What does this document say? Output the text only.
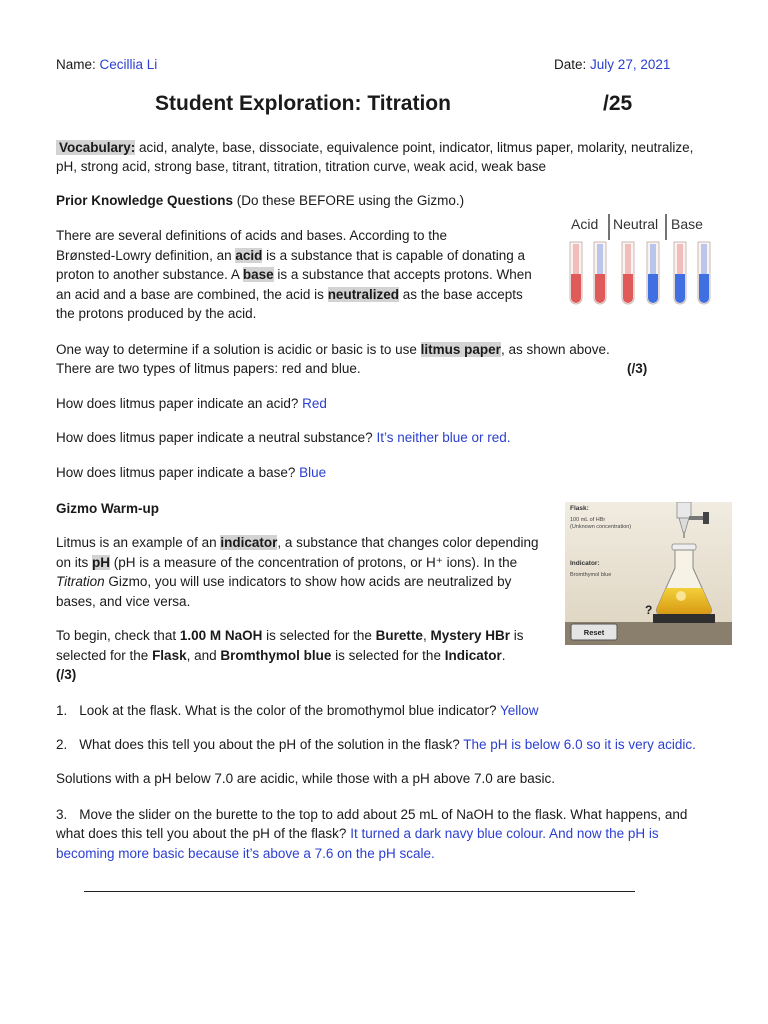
Name: Cecillia Li	Date: July 27, 2021
Student Exploration: Titration	/25
Vocabulary: acid, analyte, base, dissociate, equivalence point, indicator, litmus paper, molarity, neutralize,
pH, strong acid, strong base, titrant, titration, titration curve, weak acid, weak base
Prior Knowledge Questions (Do these BEFORE using the Gizmo.)
There are several definitions of acids and bases. According to the
Brønsted-Lowry definition, an acid is a substance that is capable of donating a
proton to another substance. A base is a substance that accepts protons. When
an acid and a base are combined, the acid is neutralized as the base accepts
the protons produced by the acid.
One way to determine if a solution is acidic or basic is to use litmus paper, as shown above.
There are two types of litmus papers: red and blue.	(/3)
How does litmus paper indicate an acid? Red
How does litmus paper indicate a neutral substance? It’s neither blue or red.
How does litmus paper indicate a base? Blue
Acid Neutral Base
Gizmo Warm-up
Litmus is an example of an indicator, a substance that changes color depending
on its pH (pH is a measure of the concentration of protons, or H⁺ ions). In the
Titration Gizmo, you will use indicators to show how acids are neutralized by
bases, and vice versa.
To begin, check that 1.00 M NaOH is selected for the Burette, Mystery HBr is
selected for the Flask, and Bromthymol blue is selected for the Indicator.
(/3)
Flask:
100 mL of HBr
(Unknown concentration)
Indicator:
Bromthymol blue
?
Reset
1. Look at the flask. What is the color of the bromothymol blue indicator? Yellow
2. What does this tell you about the pH of the solution in the flask? The pH is below 6.0 so it is very acidic.
Solutions with a pH below 7.0 are acidic, while those with a pH above 7.0 are basic.
3. Move the slider on the burette to the top to add about 25 mL of NaOH to the flask. What happens, and
what does this tell you about the pH of the flask? It turned a dark navy blue colour. And now the pH is
becoming more basic because it’s above a 7.6 on the pH scale.
